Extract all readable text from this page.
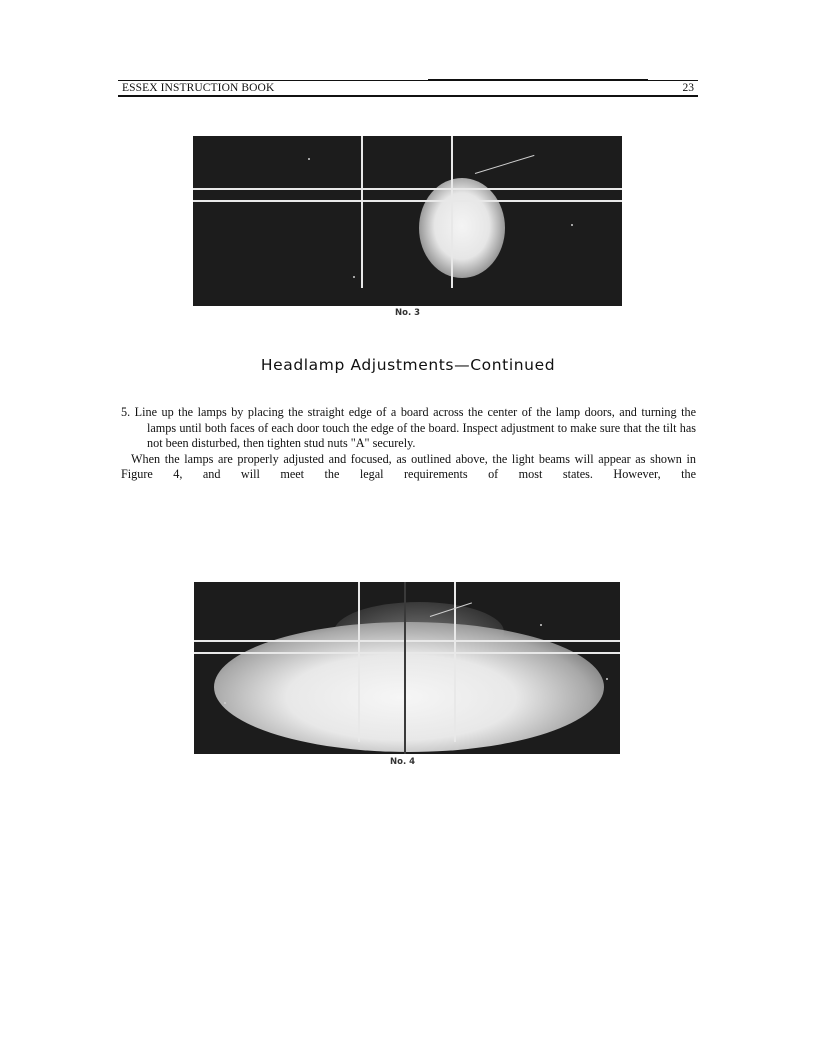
ESSEX INSTRUCTION BOOK	23
No. 3
Headlamp Adjustments—Continued

5. Line up the lamps by placing the straight edge of a board across the center of the lamp doors, and turning the lamps until both faces of each door touch the edge of the board. Inspect adjustment to make sure that the tilt has not been disturbed, then tighten stud nuts "A" securely.

When the lamps are properly adjusted and focused, as outlined above, the light beams will appear as shown in Figure 4, and will meet the legal requirements of most states. However, the

No. 4
